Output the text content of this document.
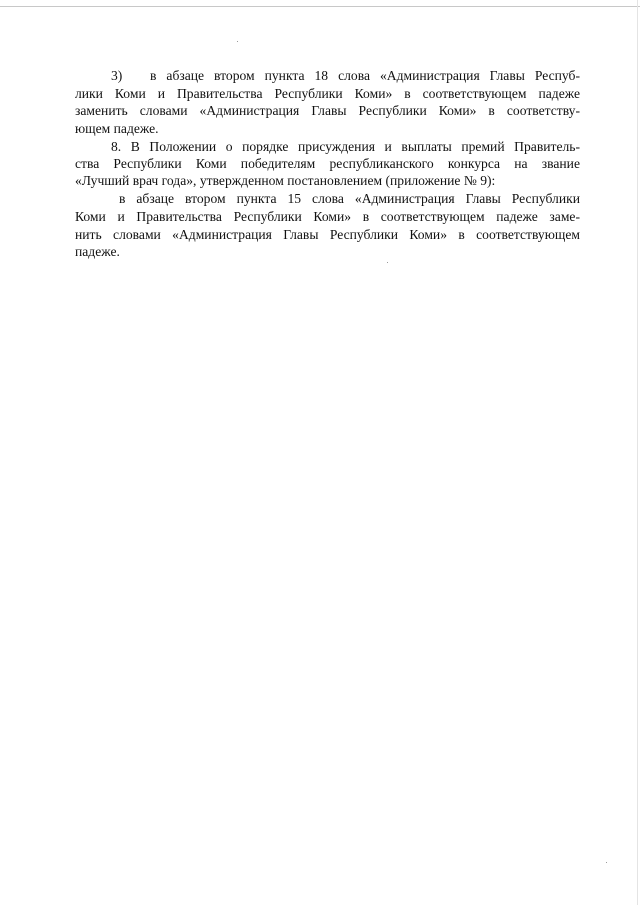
3) в абзаце втором пункта 18 слова «Администрация Главы Респуб-
лики Коми и Правительства Республики Коми» в соответствующем падеже
заменить словами «Администрация Главы Республики Коми» в соответству-
ющем падеже.
8. В Положении о порядке присуждения и выплаты премий Правитель-
ства Республики Коми победителям республиканского конкурса на звание
«Лучший врач года», утвержденном постановлением (приложение № 9):
в абзаце втором пункта 15 слова «Администрация Главы Республики
Коми и Правительства Республики Коми» в соответствующем падеже заме-
нить словами «Администрация Главы Республики Коми» в соответствующем
падеже.
